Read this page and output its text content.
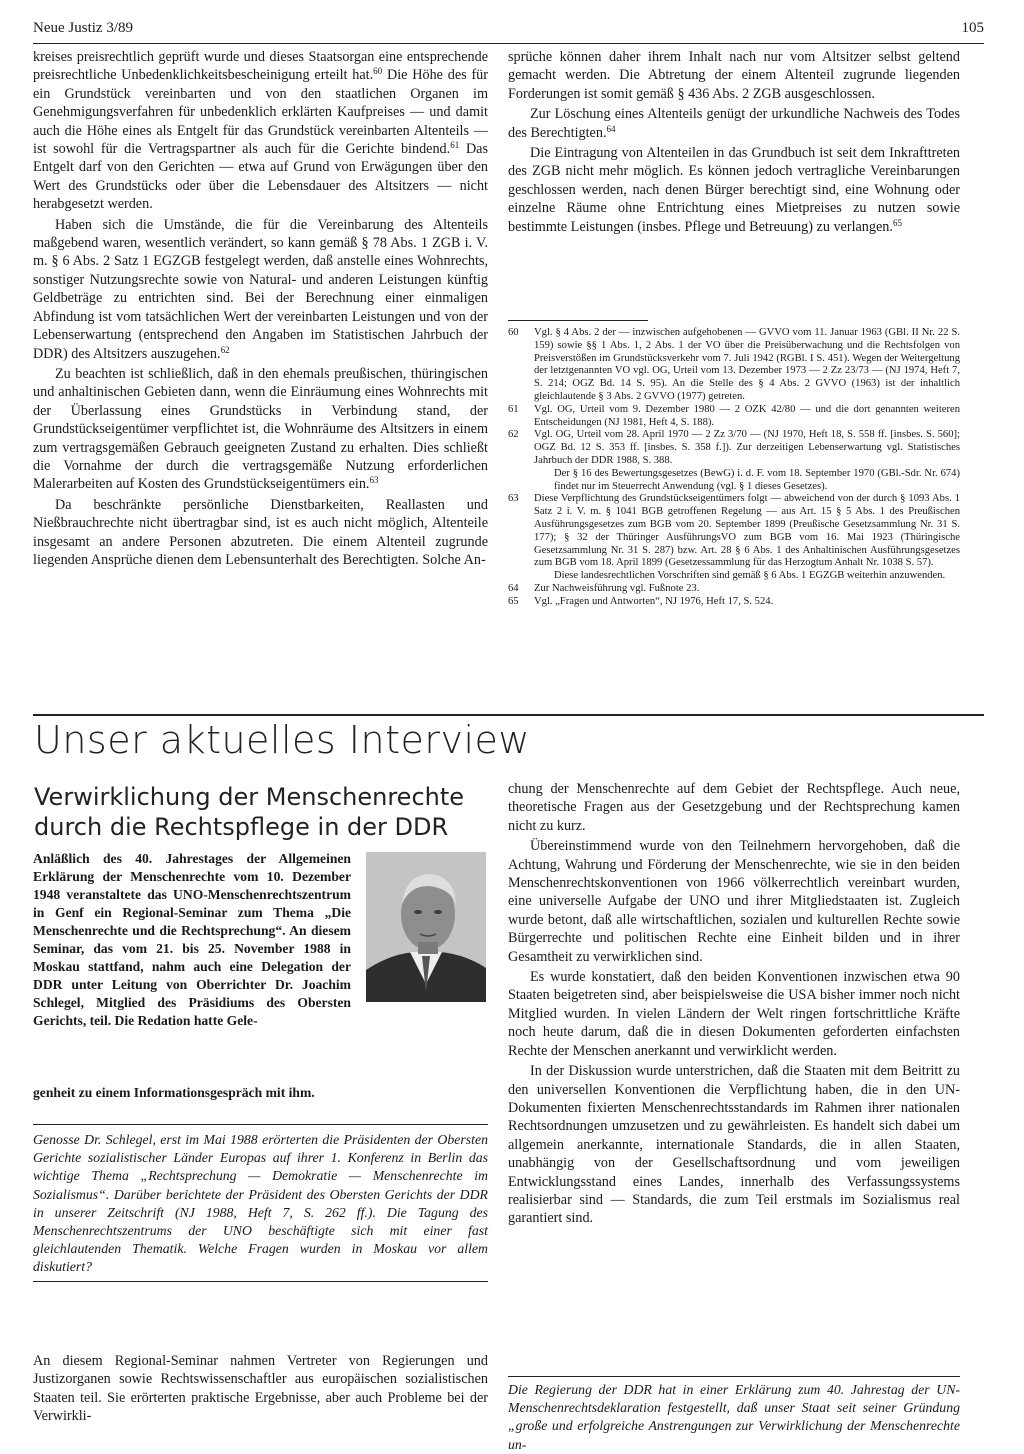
Neue Justiz 3/89	105

kreises preisrechtlich geprüft wurde und dieses Staatsorgan eine entsprechende preisrechtliche Unbedenklichkeitsbescheinigung erteilt hat.$^{60}$ Die Höhe des für ein Grundstück vereinbarten und von den staatlichen Organen im Genehmigungsverfahren für unbedenklich erklärten Kaufpreises — und damit auch die Höhe eines als Entgelt für das Grundstück vereinbarten Altenteils — ist sowohl für die Vertragspartner als auch für die Gerichte bindend.$^{61}$ Das Entgelt darf von den Gerichten — etwa auf Grund von Erwägungen über den Wert des Grundstücks oder über die Lebensdauer des Altsitzers — nicht herabgesetzt werden.

Haben sich die Umstände, die für die Vereinbarung des Altenteils maßgebend waren, wesentlich verändert, so kann gemäß § 78 Abs. 1 ZGB i. V. m. § 6 Abs. 2 Satz 1 EGZGB festgelegt werden, daß anstelle eines Wohnrechts, sonstiger Nutzungsrechte sowie von Natural- und anderen Leistungen künftig Geldbeträge zu entrichten sind. Bei der Berechnung einer einmaligen Abfindung ist vom tatsächlichen Wert der vereinbarten Leistungen und von der Lebenserwartung (entsprechend den Angaben im Statistischen Jahrbuch der DDR) des Altsitzers auszugehen.$^{62}$

Zu beachten ist schließlich, daß in den ehemals preußischen, thüringischen und anhaltinischen Gebieten dann, wenn die Einräumung eines Wohnrechts mit der Überlassung eines Grundstücks in Verbindung stand, der Grundstückseigentümer verpflichtet ist, die Wohnräume des Altsitzers in einem zum vertragsgemäßen Gebrauch geeigneten Zustand zu erhalten. Dies schließt die Vornahme der durch die vertragsgemäße Nutzung erforderlichen Malerarbeiten auf Kosten des Grundstückseigentümers ein.$^{63}$

Da beschränkte persönliche Dienstbarkeiten, Reallasten und Nießbrauchrechte nicht übertragbar sind, ist es auch nicht möglich, Altenteile insgesamt an andere Personen abzutreten. Die einem Altenteil zugrunde liegenden Ansprüche dienen dem Lebensunterhalt des Berechtigten. Solche An-

sprüche können daher ihrem Inhalt nach nur vom Altsitzer selbst geltend gemacht werden. Die Abtretung der einem Altenteil zugrunde liegenden Forderungen ist somit gemäß § 436 Abs. 2 ZGB ausgeschlossen.

Zur Löschung eines Altenteils genügt der urkundliche Nachweis des Todes des Berechtigten.$^{64}$

Die Eintragung von Altenteilen in das Grundbuch ist seit dem Inkrafttreten des ZGB nicht mehr möglich. Es können jedoch vertragliche Vereinbarungen geschlossen werden, nach denen Bürger berechtigt sind, eine Wohnung oder einzelne Räume ohne Entrichtung eines Mietpreises zu nutzen sowie bestimmte Leistungen (insbes. Pflege und Betreuung) zu verlangen.$^{65}$

60	Vgl. § 4 Abs. 2 der — inzwischen aufgehobenen — GVVO vom 11. Januar 1963 (GBl. II Nr. 22 S. 159) sowie §§ 1 Abs. 1, 2 Abs. 1 der VO über die Preisüberwachung und die Rechtsfolgen von Preisverstößen im Grundstücksverkehr vom 7. Juli 1942 (RGBl. I S. 451). Wegen der Weitergeltung der letztgenannten VO vgl. OG, Urteil vom 13. Dezember 1973 — 2 Zz 23/73 — (NJ 1974, Heft 7, S. 214; OGZ Bd. 14 S. 95). An die Stelle des § 4 Abs. 2 GVVO (1963) ist der inhaltlich gleichlautende § 3 Abs. 2 GVVO (1977) getreten.
61	Vgl. OG, Urteil vom 9. Dezember 1980 — 2 OZK 42/80 — und die dort genannten weiteren Entscheidungen (NJ 1981, Heft 4, S. 188).
62	Vgl. OG, Urteil vom 28. April 1970 — 2 Zz 3/70 — (NJ 1970, Heft 18, S. 558 ff. [insbes. S. 560]; OGZ Bd. 12 S. 353 ff. [insbes. S. 358 f.]). Zur derzeitigen Lebenserwartung vgl. Statistisches Jahrbuch der DDR 1988, S. 388.
Der § 16 des Bewertungsgesetzes (BewG) i. d. F. vom 18. September 1970 (GBl.-Sdr. Nr. 674) findet nur im Steuerrecht Anwendung (vgl. § 1 dieses Gesetzes).
63	Diese Verpflichtung des Grundstückseigentümers folgt — abweichend von der durch § 1093 Abs. 1 Satz 2 i. V. m. § 1041 BGB getroffenen Regelung — aus Art. 15 § 5 Abs. 1 des Preußischen Ausführungsgesetzes zum BGB vom 20. September 1899 (Preußische Gesetzsammlung Nr. 31 S. 177); § 32 der Thüringer AusführungsVO zum BGB vom 16. Mai 1923 (Thüringische Gesetzsammlung Nr. 31 S. 287) bzw. Art. 28 § 6 Abs. 1 des Anhaltinischen Ausführungsgesetzes zum BGB vom 18. April 1899 (Gesetzessammlung für das Herzogtum Anhalt Nr. 1038 S. 57).
Diese landesrechtlichen Vorschriften sind gemäß § 6 Abs. 1 EGZGB weiterhin anzuwenden.
64	Zur Nachweisführung vgl. Fußnote 23.
65	Vgl. „Fragen und Antworten“, NJ 1976, Heft 17, S. 524.
Unser aktuelles Interview
Verwirklichung der Menschenrechte
durch die Rechtspflege in der DDR
Anläßlich des 40. Jahrestages der Allgemeinen Erklärung der Menschenrechte vom 10. Dezember 1948 veranstaltete das UNO-Menschenrechtszentrum in Genf ein Regional-Seminar zum Thema „Die Menschenrechte und die Rechtsprechung“. An diesem Seminar, das vom 21. bis 25. November 1988 in Moskau stattfand, nahm auch eine Delegation der DDR unter Leitung von Oberrichter Dr. Joachim Schlegel, Mitglied des Präsidiums des Obersten Gerichts, teil. Die Redation hatte Gele-
genheit zu einem Informationsgespräch mit ihm.
Genosse Dr. Schlegel, erst im Mai 1988 erörterten die Präsidenten der Obersten Gerichte sozialistischer Länder Europas auf ihrer 1. Konferenz in Berlin das wichtige Thema „Rechtsprechung — Demokratie — Menschenrechte im Sozialismus“. Darüber berichtete der Präsident des Obersten Gerichts der DDR in unserer Zeitschrift (NJ 1988, Heft 7, S. 262 ff.). Die Tagung des Menschenrechtszentrums der UNO beschäftigte sich mit einer fast gleichlautenden Thematik. Welche Fragen wurden in Moskau vor allem diskutiert?

An diesem Regional-Seminar nahmen Vertreter von Regierungen und Justizorganen sowie Rechtswissenschaftler aus europäischen sozialistischen Staaten teil. Sie erörterten praktische Ergebnisse, aber auch Probleme bei der Verwirkli-

chung der Menschenrechte auf dem Gebiet der Rechtspflege. Auch neue, theoretische Fragen aus der Gesetzgebung und der Rechtsprechung kamen nicht zu kurz.

Übereinstimmend wurde von den Teilnehmern hervorgehoben, daß die Achtung, Wahrung und Förderung der Menschenrechte, wie sie in den beiden Menschenrechtskonventionen von 1966 völkerrechtlich vereinbart wurden, eine universelle Aufgabe der UNO und ihrer Mitgliedstaaten ist. Zugleich wurde betont, daß alle wirtschaftlichen, sozialen und kulturellen Rechte sowie Bürgerrechte und politischen Rechte eine Einheit bilden und in ihrer Gesamtheit zu verwirklichen sind.

Es wurde konstatiert, daß den beiden Konventionen inzwischen etwa 90 Staaten beigetreten sind, aber beispielsweise die USA bisher immer noch nicht Mitglied wurden. In vielen Ländern der Welt ringen fortschrittliche Kräfte noch heute darum, daß die in diesen Dokumenten geforderten einfachsten Rechte der Menschen anerkannt und verwirklicht werden.

In der Diskussion wurde unterstrichen, daß die Staaten mit dem Beitritt zu den universellen Konventionen die Verpflichtung haben, die in den UN-Dokumenten fixierten Menschenrechtsstandards im Rahmen ihrer nationalen Rechtsordnungen umzusetzen und zu gewährleisten. Es handelt sich dabei um allgemein anerkannte, internationale Standards, die in allen Staaten, unabhängig von der Gesellschaftsordnung und vom jeweiligen Entwicklungsstand eines Landes, innerhalb des Verfassungssystems realisierbar sind — Standards, die zum Teil erstmals im Sozialismus real garantiert sind.

Die Regierung der DDR hat in einer Erklärung zum 40. Jahrestag der UN-Menschenrechtsdeklaration festgestellt, daß unser Staat seit seiner Gründung „große und erfolgreiche Anstrengungen zur Verwirklichung der Menschenrechte un-
